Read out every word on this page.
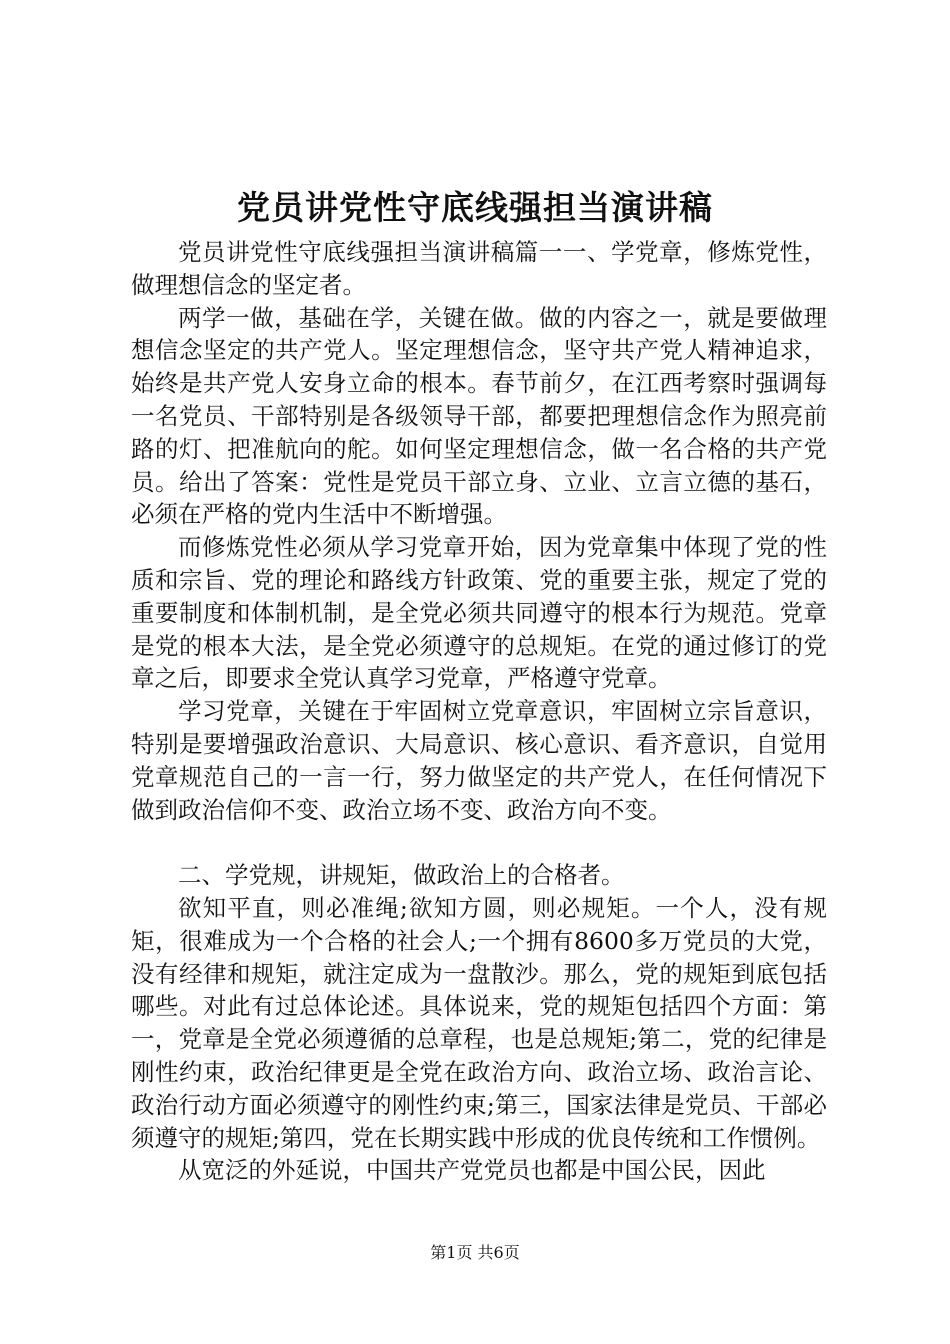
党员讲党性守底线强担当演讲稿

党员讲党性守底线强担当演讲稿篇一一、学党章，修炼党性，做理想信念的坚定者。

两学一做，基础在学，关键在做。做的内容之一，就是要做理想信念坚定的共产党人。坚定理想信念，坚守共产党人精神追求，始终是共产党人安身立命的根本。春节前夕，在江西考察时强调每一名党员、干部特别是各级领导干部，都要把理想信念作为照亮前路的灯、把准航向的舵。如何坚定理想信念，做一名合格的共产党员。给出了答案：党性是党员干部立身、立业、立言立德的基石，必须在严格的党内生活中不断增强。

而修炼党性必须从学习党章开始，因为党章集中体现了党的性质和宗旨、党的理论和路线方针政策、党的重要主张，规定了党的重要制度和体制机制，是全党必须共同遵守的根本行为规范。党章是党的根本大法，是全党必须遵守的总规矩。在党的通过修订的党章之后，即要求全党认真学习党章，严格遵守党章。

学习党章，关键在于牢固树立党章意识，牢固树立宗旨意识，特别是要增强政治意识、大局意识、核心意识、看齐意识，自觉用党章规范自己的一言一行，努力做坚定的共产党人，在任何情况下做到政治信仰不变、政治立场不变、政治方向不变。

二、学党规，讲规矩，做政治上的合格者。

欲知平直，则必准绳;欲知方圆，则必规矩。一个人，没有规矩，很难成为一个合格的社会人;一个拥有8600多万党员的大党，没有经律和规矩，就注定成为一盘散沙。那么，党的规矩到底包括哪些。对此有过总体论述。具体说来，党的规矩包括四个方面：第一，党章是全党必须遵循的总章程，也是总规矩;第二，党的纪律是刚性约束，政治纪律更是全党在政治方向、政治立场、政治言论、政治行动方面必须遵守的刚性约束;第三，国家法律是党员、干部必须遵守的规矩;第四，党在长期实践中形成的优良传统和工作惯例。

从宽泛的外延说，中国共产党党员也都是中国公民，因此

第1页 共6页
